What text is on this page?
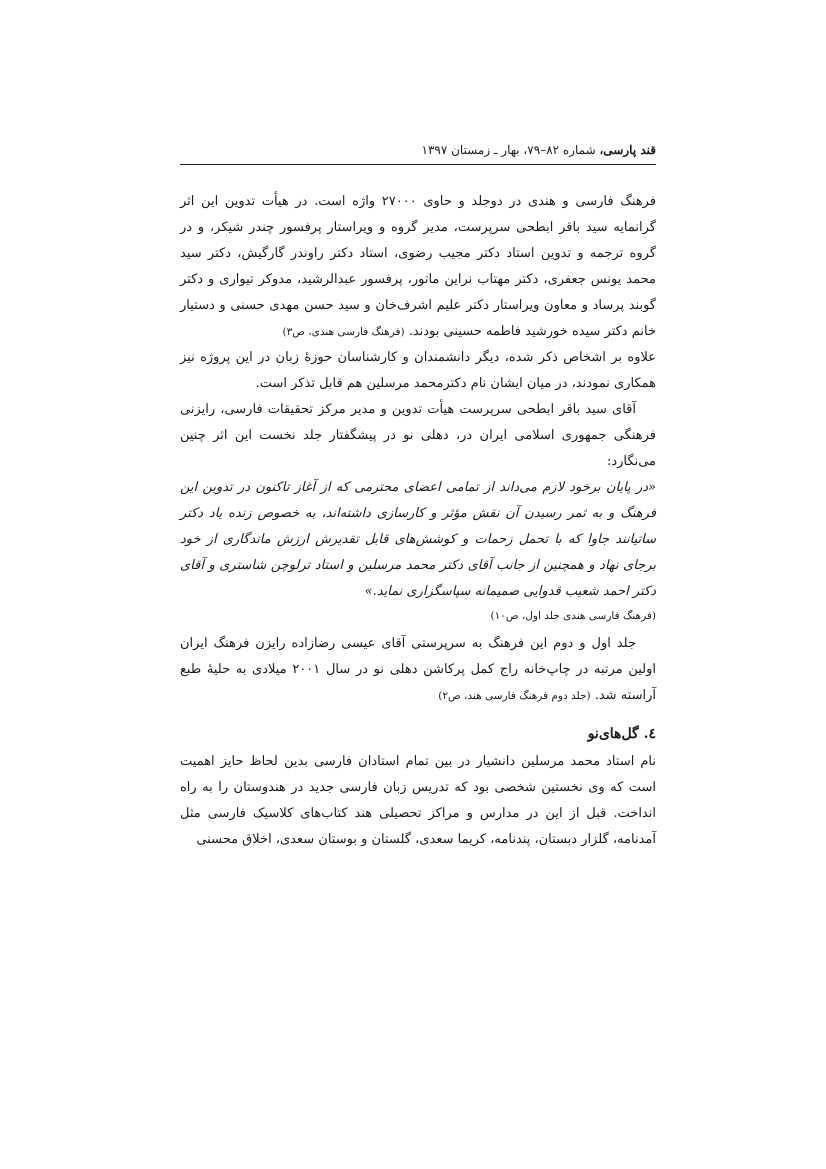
قند پارسی، شماره ۸۲–۷۹، بهار ـ زمستان ۱۳۹۷

فرهنگ فارسی و هندی در دوجلد و حاوی ۲۷۰۰۰ واژه است. در هیأت تدوین این اثر گرانمایه سید باقر ابطحی سرپرست، مدیر گروه و ویراستار پرفسور چندر شیکر، و در گروه ترجمه و تدوین استاد دکتر مجیب رضوی، استاد دکتر راوندر گارگیش، دکتر سید محمد یونس جعفری، دکتر مهتاب نراین ماتور، پرفسور عبدالرشید، مدوکر تیواری و دکتر گوبند پرساد و معاون ویراستار دکتر علیم اشرف‌خان و سید حسن مهدی حسنی و دستیار خانم دکتر سیده خورشید فاطمه حسینی بودند. (فرهنگ فارسی هندی، ص۳)

علاوه بر اشخاص ذکر شده، دیگر دانشمندان و کارشناسان حوزهٔ زبان در این پروژه نیز همکاری نمودند، در میان ایشان نام دکترمحمد مرسلین هم قابل تذکر است.

آقای سید باقر ابطحی سرپرست هیأت تدوین و مدیر مرکز تحقیقات فارسی، رایزنی فرهنگی جمهوری اسلامی ایران در، دهلی نو در پیشگفتار جلد نخست این اثر چنین می‌نگارد:

«در پایان برخود لازم می‌داند از تمامی اعضای محترمی که از آغاز تاکنون در تدوین این فرهنگ و به ثمر رسیدن آن نقش مؤثر و کارسازی داشته‌اند، به خصوص زنده یاد دکتر ساتیانند جاوا که با تحمل زحمات و کوشش‌های قابل تقدیرش ارزش ماندگاری از خود برجای نهاد و همچنین از جانب آقای دکتر محمد مرسلین و استاد ترلوچن شاستری و آقای دکتر احمد شعیب قدوایی صمیمانه سپاسگزاری نماید.»

(فرهنگ فارسی هندی جلد اول، ص۱۰)

جلد اول و دوم این فرهنگ به سرپرستی آقای عیسی رضازاده رایزن فرهنگ ایران اولین مرتبه در چاپ‌خانه راج کمل پرکاشن دهلی نو در سال ۲۰۰۱ میلادی به حلیهٔ طبع آراسته شد. (جلد دوم فرهنگ فارسی هند، ص۲)

٤. گل‌های‌نو

نام استاد محمد مرسلین دانشیار در بین تمام استادان فارسی بدین لحاظ حایز اهمیت است که وی نخستین شخصی بود که تدریس زبان فارسی جدید در هندوستان را به راه انداخت. قبل از این در مدارس و مراکز تحصیلی هند کتاب‌های کلاسیک فارسی مثل آمدنامه، گلزار دبستان، پندنامه، کریما سعدی، گلستان و بوستان سعدی، اخلاق محسنی
